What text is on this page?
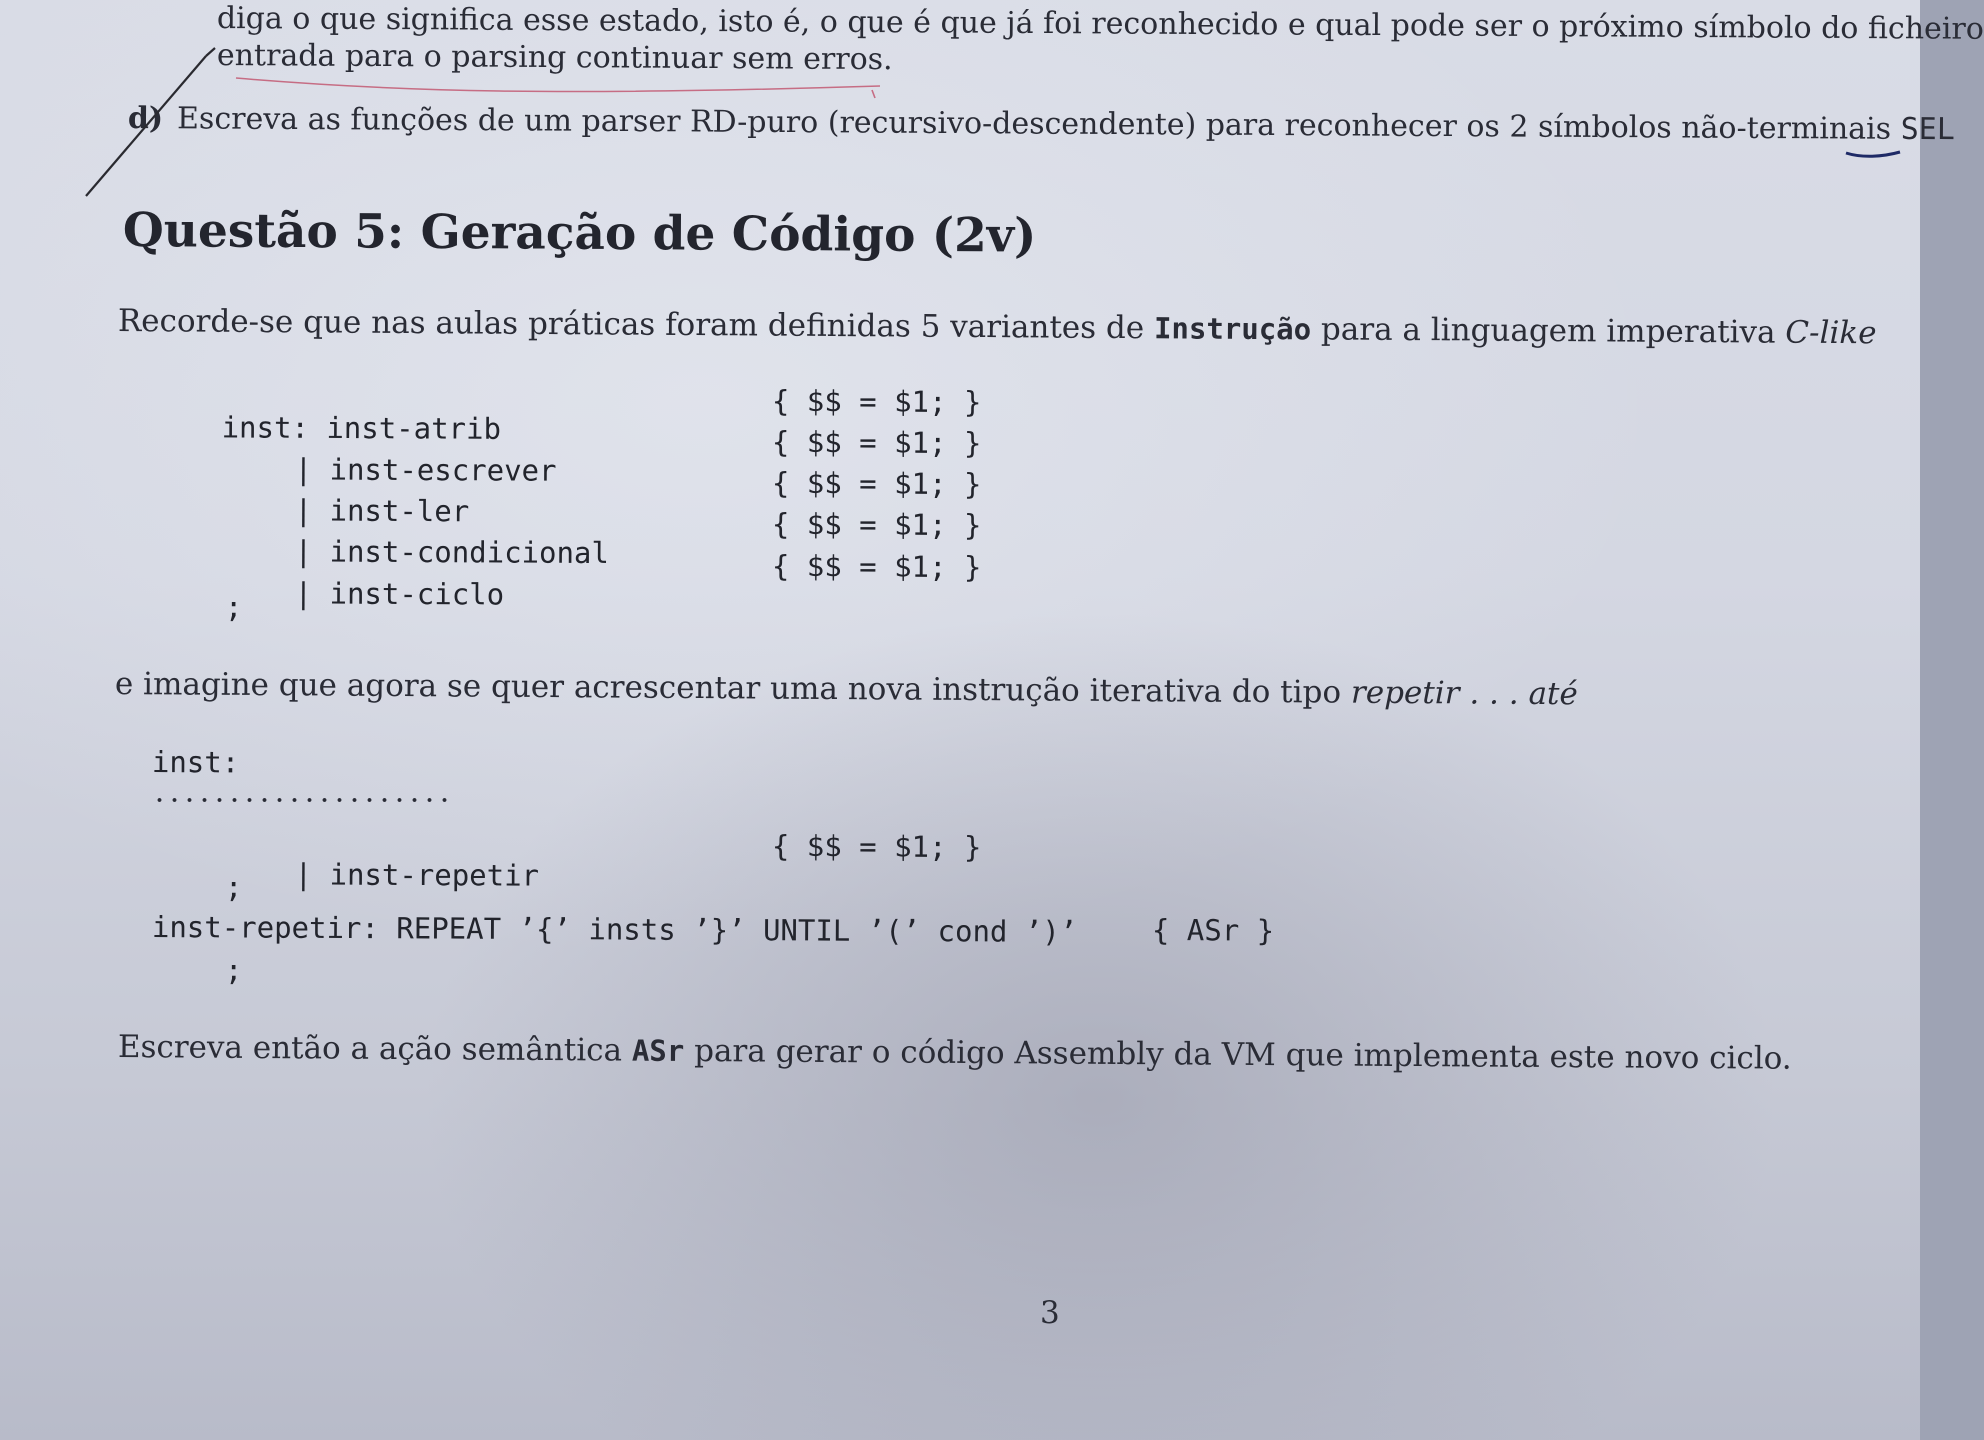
diga o que significa esse estado, isto é, o que é que já foi reconhecido e qual pode ser o próximo símbolo do ficheiro
entrada para o parsing continuar sem erros.
d) Escreva as funções de um parser RD-puro (recursivo-descendente) para reconhecer os 2 símbolos não-terminais SEL
Questão 5: Geração de Código (2v)
Recorde-se que nas aulas práticas foram definidas 5 variantes de Instrução para a linguagem imperativa C-like

inst: inst-atrib

{ $$ = $1; }

| inst-escrever

{ $$ = $1; }

| inst-ler

{ $$ = $1; }

| inst-condicional

{ $$ = $1; }

| inst-ciclo

{ $$ = $1; }
;
e imagine que agora se quer acrescentar uma nova instrução iterativa do tipo repetir . . . até
inst:

| inst-repetir

{ $$ = $1; }
;
inst-repetir: REPEAT ’{’ insts ’}’ UNTIL ’(’ cond ’)’	{ ASr }
;
Escreva então a ação semântica ASr para gerar o código Assembly da VM que implementa este novo ciclo.
3
